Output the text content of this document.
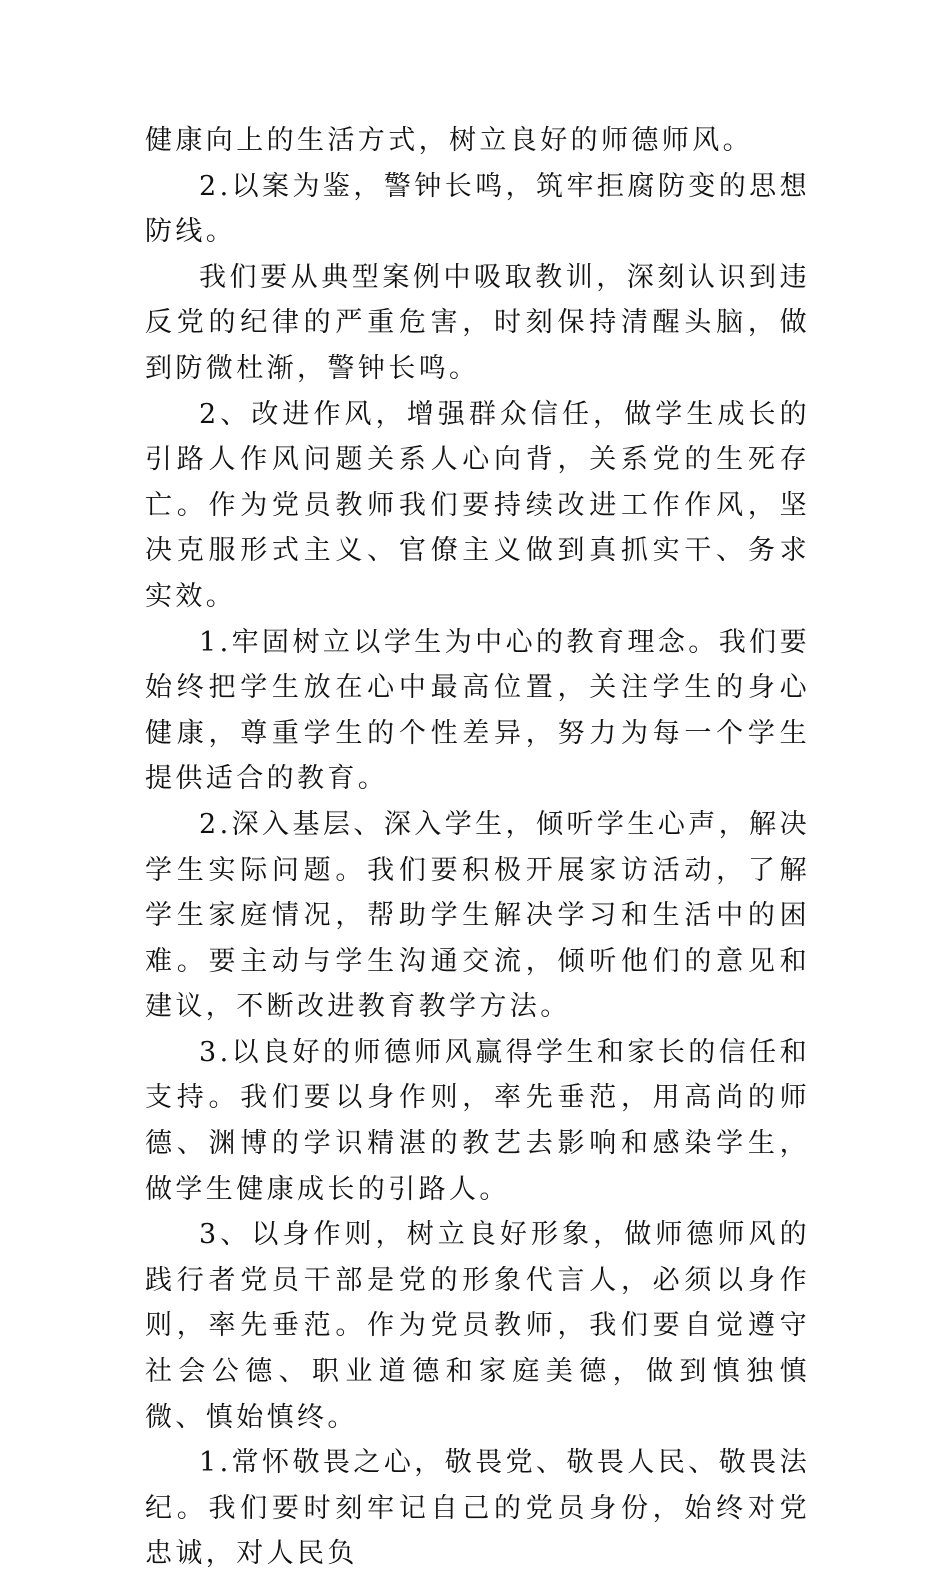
健康向上的生活方式，树立良好的师德师风。

2.以案为鉴，警钟长鸣，筑牢拒腐防变的思想防线。

我们要从典型案例中吸取教训，深刻认识到违反党的纪律的严重危害，时刻保持清醒头脑，做到防微杜渐，警钟长鸣。

2、改进作风，增强群众信任，做学生成长的引路人作风问题关系人心向背，关系党的生死存亡。作为党员教师我们要持续改进工作作风，坚决克服形式主义、官僚主义做到真抓实干、务求实效。

1.牢固树立以学生为中心的教育理念。我们要始终把学生放在心中最高位置，关注学生的身心健康，尊重学生的个性差异，努力为每一个学生提供适合的教育。

2.深入基层、深入学生，倾听学生心声，解决学生实际问题。我们要积极开展家访活动，了解学生家庭情况，帮助学生解决学习和生活中的困难。要主动与学生沟通交流，倾听他们的意见和建议，不断改进教育教学方法。

3.以良好的师德师风赢得学生和家长的信任和支持。我们要以身作则，率先垂范，用高尚的师德、渊博的学识精湛的教艺去影响和感染学生，做学生健康成长的引路人。

3、以身作则，树立良好形象，做师德师风的践行者党员干部是党的形象代言人，必须以身作则，率先垂范。作为党员教师，我们要自觉遵守社会公德、职业道德和家庭美德，做到慎独慎微、慎始慎终。

1.常怀敬畏之心，敬畏党、敬畏人民、敬畏法纪。我们要时刻牢记自己的党员身份，始终对党忠诚，对人民负
